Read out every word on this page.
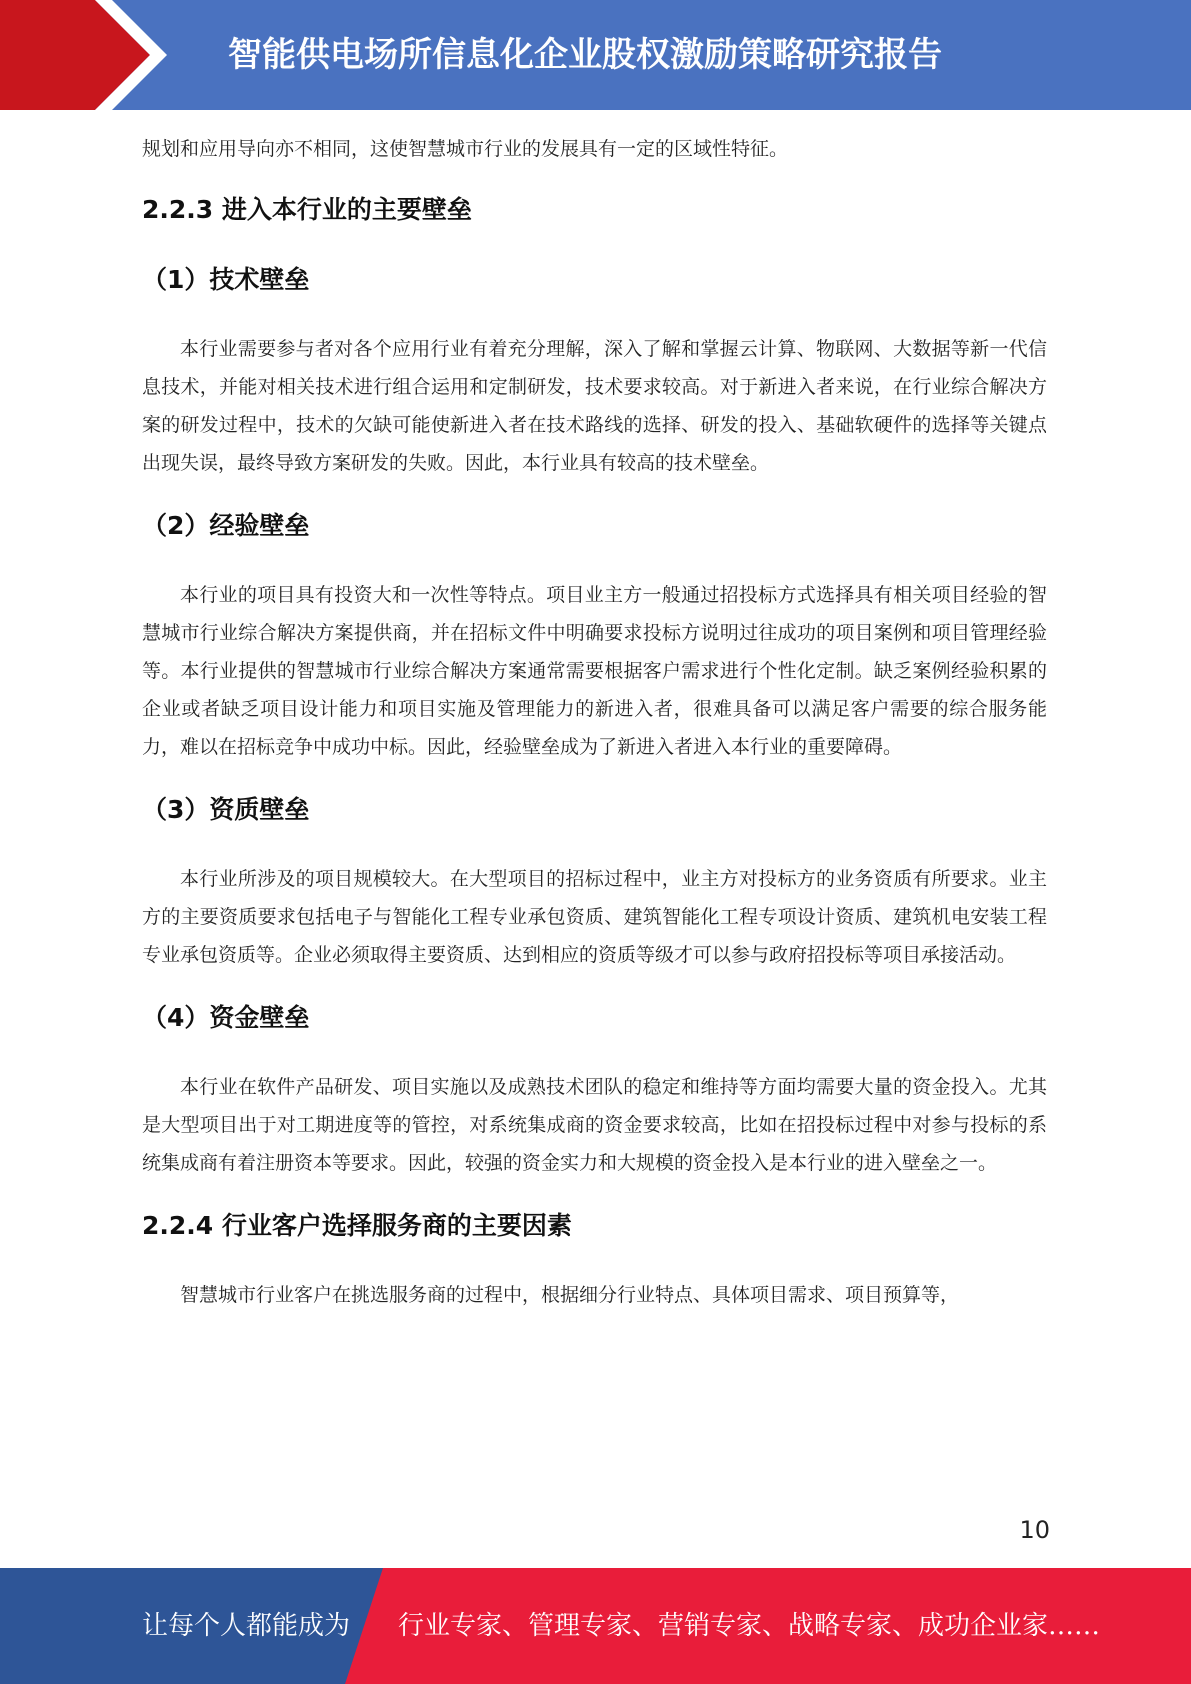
智能供电场所信息化企业股权激励策略研究报告

规划和应用导向亦不相同，这使智慧城市行业的发展具有一定的区域性特征。

2.2.3 进入本行业的主要壁垒
（1）技术壁垒

本行业需要参与者对各个应用行业有着充分理解，深入了解和掌握云计算、物联网、大数据等新一代信息技术，并能对相关技术进行组合运用和定制研发，技术要求较高。对于新进入者来说，在行业综合解决方案的研发过程中，技术的欠缺可能使新进入者在技术路线的选择、研发的投入、基础软硬件的选择等关键点出现失误，最终导致方案研发的失败。因此，本行业具有较高的技术壁垒。

（2）经验壁垒

本行业的项目具有投资大和一次性等特点。项目业主方一般通过招投标方式选择具有相关项目经验的智慧城市行业综合解决方案提供商，并在招标文件中明确要求投标方说明过往成功的项目案例和项目管理经验等。本行业提供的智慧城市行业综合解决方案通常需要根据客户需求进行个性化定制。缺乏案例经验积累的企业或者缺乏项目设计能力和项目实施及管理能力的新进入者，很难具备可以满足客户需要的综合服务能力，难以在招标竞争中成功中标。因此，经验壁垒成为了新进入者进入本行业的重要障碍。

（3）资质壁垒

本行业所涉及的项目规模较大。在大型项目的招标过程中，业主方对投标方的业务资质有所要求。业主方的主要资质要求包括电子与智能化工程专业承包资质、建筑智能化工程专项设计资质、建筑机电安装工程专业承包资质等。企业必须取得主要资质、达到相应的资质等级才可以参与政府招投标等项目承接活动。

（4）资金壁垒

本行业在软件产品研发、项目实施以及成熟技术团队的稳定和维持等方面均需要大量的资金投入。尤其是大型项目出于对工期进度等的管控，对系统集成商的资金要求较高，比如在招投标过程中对参与投标的系统集成商有着注册资本等要求。因此，较强的资金实力和大规模的资金投入是本行业的进入壁垒之一。

2.2.4 行业客户选择服务商的主要因素

智慧城市行业客户在挑选服务商的过程中，根据细分行业特点、具体项目需求、项目预算等，

10
让每个人都能成为 行业专家、管理专家、营销专家、战略专家、成功企业家……
